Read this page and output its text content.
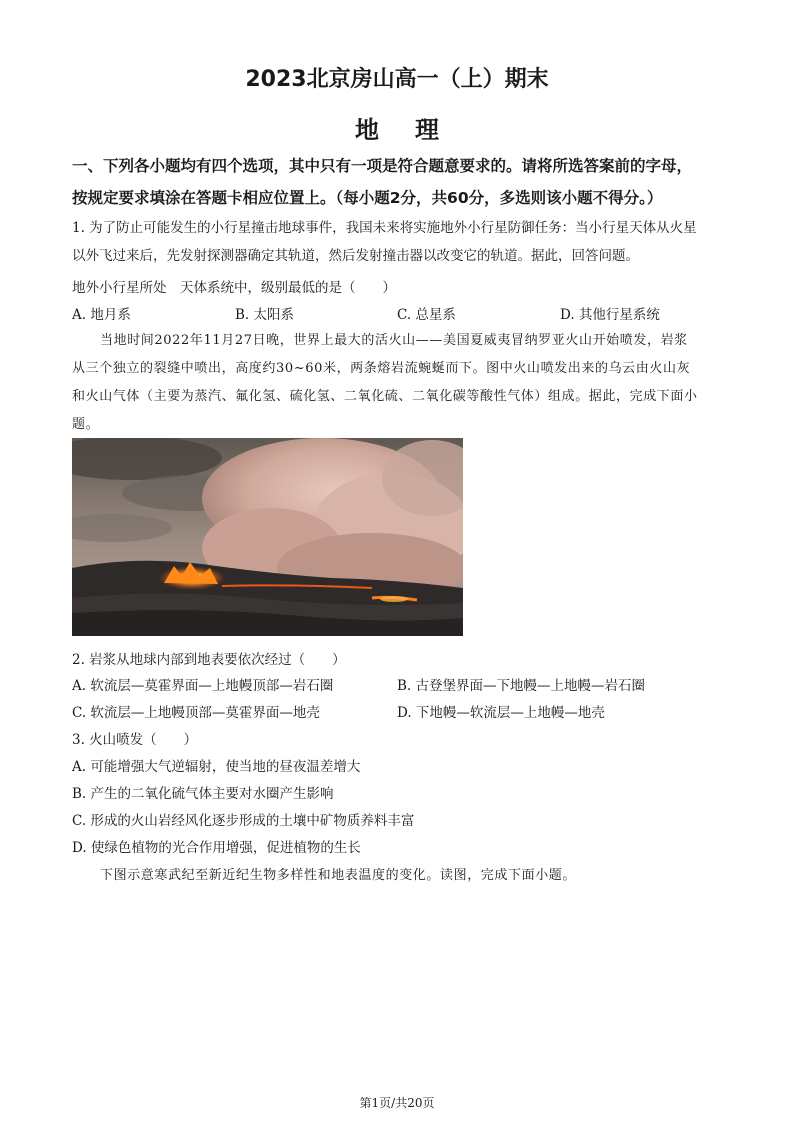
2023北京房山高一（上）期末
地理
一、下列各小题均有四个选项，其中只有一项是符合题意要求的。请将所选答案前的字母，
按规定要求填涂在答题卡相应位置上。（每小题2分，共60分，多选则该小题不得分。）
1. 为了防止可能发生的小行星撞击地球事件，我国未来将实施地外小行星防御任务：当小行星天体从火星
以外飞过来后，先发射探测器确定其轨道，然后发射撞击器以改变它的轨道。据此，回答问题。
地外小行星所处　天体系统中，级别最低的是（　　）
A. 地月系	B. 太阳系	C. 总星系	D. 其他行星系统
当地时间2022年11月27日晚，世界上最大的活火山——美国夏威夷冒纳罗亚火山开始喷发，岩浆
从三个独立的裂缝中喷出，高度约30~60米，两条熔岩流蜿蜒而下。图中火山喷发出来的乌云由火山灰
和火山气体（主要为蒸汽、氟化氢、硫化氢、二氧化硫、二氧化碳等酸性气体）组成。据此，完成下面小
题。
2. 岩浆从地球内部到地表要依次经过（　　）
A. 软流层—莫霍界面—上地幔顶部—岩石圈	B. 古登堡界面—下地幔—上地幔—岩石圈
C. 软流层—上地幔顶部—莫霍界面—地壳	D. 下地幔—软流层—上地幔—地壳
3. 火山喷发（　　）
A. 可能增强大气逆辐射，使当地的昼夜温差增大
B. 产生的二氧化硫气体主要对水圈产生影响
C. 形成的火山岩经风化逐步形成的土壤中矿物质养料丰富
D. 使绿色植物的光合作用增强，促进植物的生长
下图示意寒武纪至新近纪生物多样性和地表温度的变化。读图，完成下面小题。
第1页/共20页
